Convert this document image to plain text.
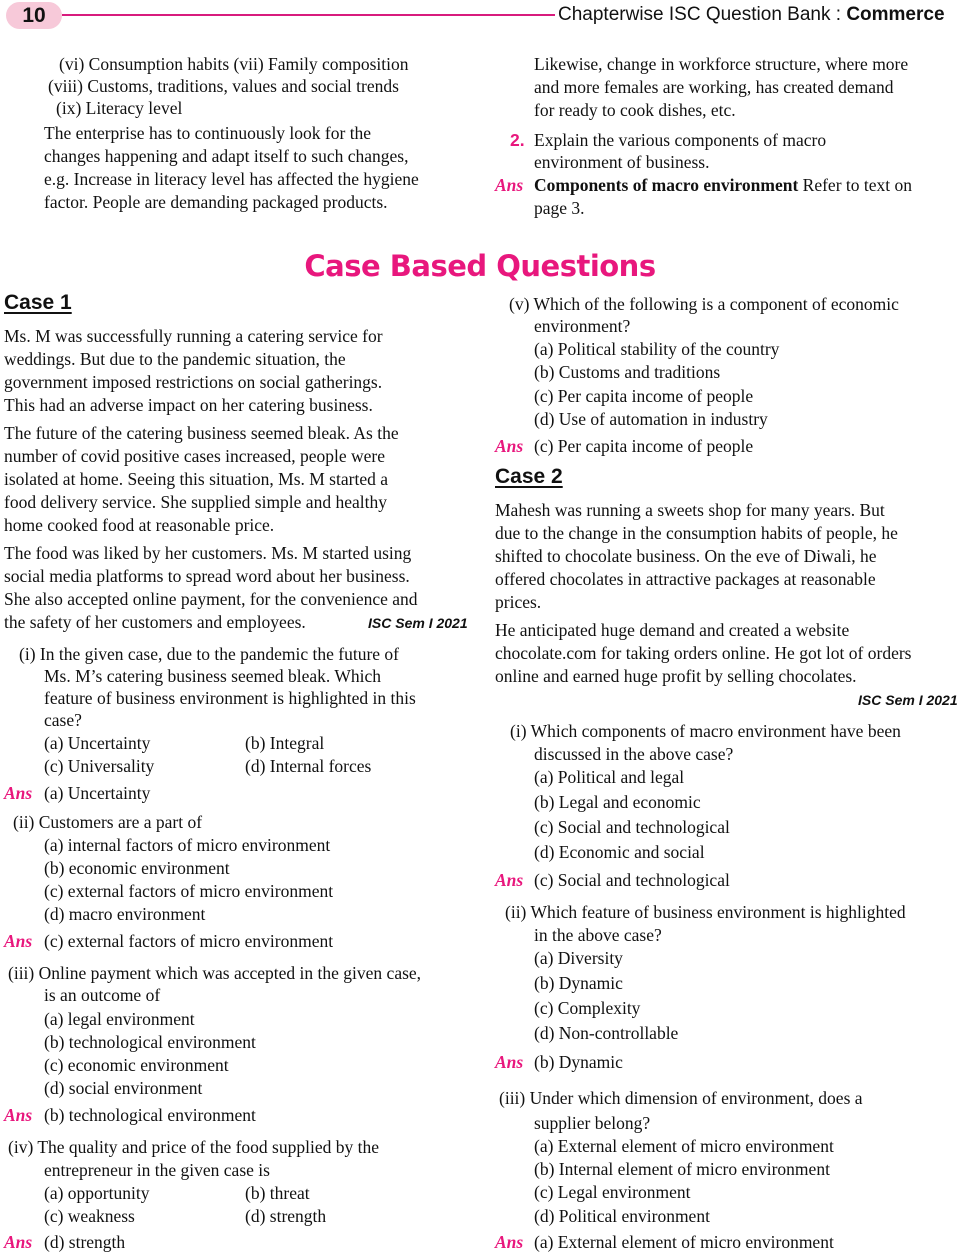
10	Chapterwise ISC Question Bank : Commerce
(vi) Consumption habits (vii) Family composition
(viii) Customs, traditions, values and social trends
(ix) Literacy level
The enterprise has to continuously look for the
changes happening and adapt itself to such changes,
e.g. Increase in literacy level has affected the hygiene
factor. People are demanding packaged products.
Likewise, change in workforce structure, where more
and more females are working, has created demand
for ready to cook dishes, etc.
2. Explain the various components of macro
environment of business.
Ans Components of macro environment Refer to text on
page 3.
Case Based Questions
Case 1
Ms. M was successfully running a catering service for
weddings. But due to the pandemic situation, the
government imposed restrictions on social gatherings.
This had an adverse impact on her catering business.
The future of the catering business seemed bleak. As the
number of covid positive cases increased, people were
isolated at home. Seeing this situation, Ms. M started a
food delivery service. She supplied simple and healthy
home cooked food at reasonable price.
The food was liked by her customers. Ms. M started using
social media platforms to spread word about her business.
She also accepted online payment, for the convenience and
the safety of her customers and employees.	ISC Sem I 2021
(i) In the given case, due to the pandemic the future of
Ms. M’s catering business seemed bleak. Which
feature of business environment is highlighted in this
case?
(a) Uncertainty	(b) Integral
(c) Universality	(d) Internal forces
Ans (a) Uncertainty
(ii) Customers are a part of
(a) internal factors of micro environment
(b) economic environment
(c) external factors of micro environment
(d) macro environment
Ans (c) external factors of micro environment
(iii) Online payment which was accepted in the given case,
is an outcome of
(a) legal environment
(b) technological environment
(c) economic environment
(d) social environment
Ans (b) technological environment
(iv) The quality and price of the food supplied by the
entrepreneur in the given case is
(a) opportunity	(b) threat
(c) weakness	(d) strength
Ans (d) strength
(v) Which of the following is a component of economic
environment?
(a) Political stability of the country
(b) Customs and traditions
(c) Per capita income of people
(d) Use of automation in industry
Ans (c) Per capita income of people
Case 2
Mahesh was running a sweets shop for many years. But
due to the change in the consumption habits of people, he
shifted to chocolate business. On the eve of Diwali, he
offered chocolates in attractive packages at reasonable
prices.
He anticipated huge demand and created a website
chocolate.com for taking orders online. He got lot of orders
online and earned huge profit by selling chocolates.
ISC Sem I 2021
(i) Which components of macro environment have been
discussed in the above case?
(a) Political and legal
(b) Legal and economic
(c) Social and technological
(d) Economic and social
Ans (c) Social and technological
(ii) Which feature of business environment is highlighted
in the above case?
(a) Diversity
(b) Dynamic
(c) Complexity
(d) Non-controllable
Ans (b) Dynamic
(iii) Under which dimension of environment, does a
supplier belong?
(a) External element of micro environment
(b) Internal element of micro environment
(c) Legal environment
(d) Political environment
Ans (a) External element of micro environment
